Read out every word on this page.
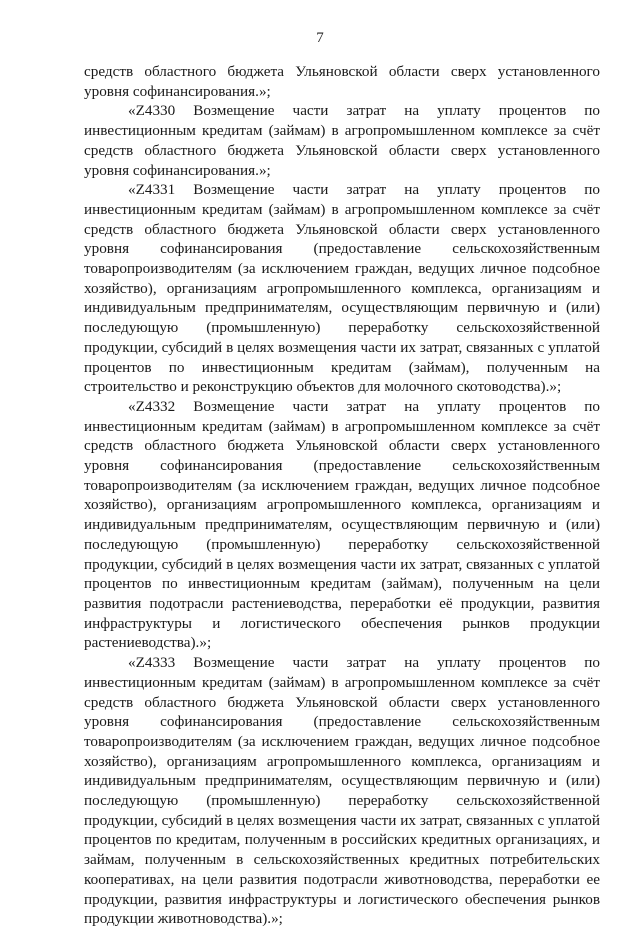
7

средств областного бюджета Ульяновской области сверх установленного уровня софинансирования.»;

«Z4330 Возмещение части затрат на уплату процентов по инвестиционным кредитам (займам) в агропромышленном комплексе за счёт средств областного бюджета Ульяновской области сверх установленного уровня софинансирования.»;

«Z4331 Возмещение части затрат на уплату процентов по инвестиционным кредитам (займам) в агропромышленном комплексе за счёт средств областного бюджета Ульяновской области сверх установленного уровня софинансирования (предоставление сельскохозяйственным товаропроизводителям (за исключением граждан, ведущих личное подсобное хозяйство), организациям агропромышленного комплекса, организациям и индивидуальным предпринимателям, осуществляющим первичную и (или) последующую (промышленную) переработку сельскохозяйственной продукции, субсидий в целях возмещения части их затрат, связанных с уплатой процентов по инвестиционным кредитам (займам), полученным на строительство и реконструкцию объектов для молочного скотоводства).»;

«Z4332 Возмещение части затрат на уплату процентов по инвестиционным кредитам (займам) в агропромышленном комплексе за счёт средств областного бюджета Ульяновской области сверх установленного уровня софинансирования (предоставление сельскохозяйственным товаропроизводителям (за исключением граждан, ведущих личное подсобное хозяйство), организациям агропромышленного комплекса, организациям и индивидуальным предпринимателям, осуществляющим первичную и (или) последующую (промышленную) переработку сельскохозяйственной продукции, субсидий в целях возмещения части их затрат, связанных с уплатой процентов по инвестиционным кредитам (займам), полученным на цели развития подотрасли растениеводства, переработки её продукции, развития инфраструктуры и логистического обеспечения рынков продукции растениеводства).»;

«Z4333 Возмещение части затрат на уплату процентов по инвестиционным кредитам (займам) в агропромышленном комплексе за счёт средств областного бюджета Ульяновской области сверх установленного уровня софинансирования (предоставление сельскохозяйственным товаропроизводителям (за исключением граждан, ведущих личное подсобное хозяйство), организациям агропромышленного комплекса, организациям и индивидуальным предпринимателям, осуществляющим первичную и (или) последующую (промышленную) переработку сельскохозяйственной продукции, субсидий в целях возмещения части их затрат, связанных с уплатой процентов по кредитам, полученным в российских кредитных организациях, и займам, полученным в сельскохозяйственных кредитных потребительских кооперативах, на цели развития подотрасли животноводства, переработки ее продукции, развития инфраструктуры и логистического обеспечения рынков продукции животноводства).»;
